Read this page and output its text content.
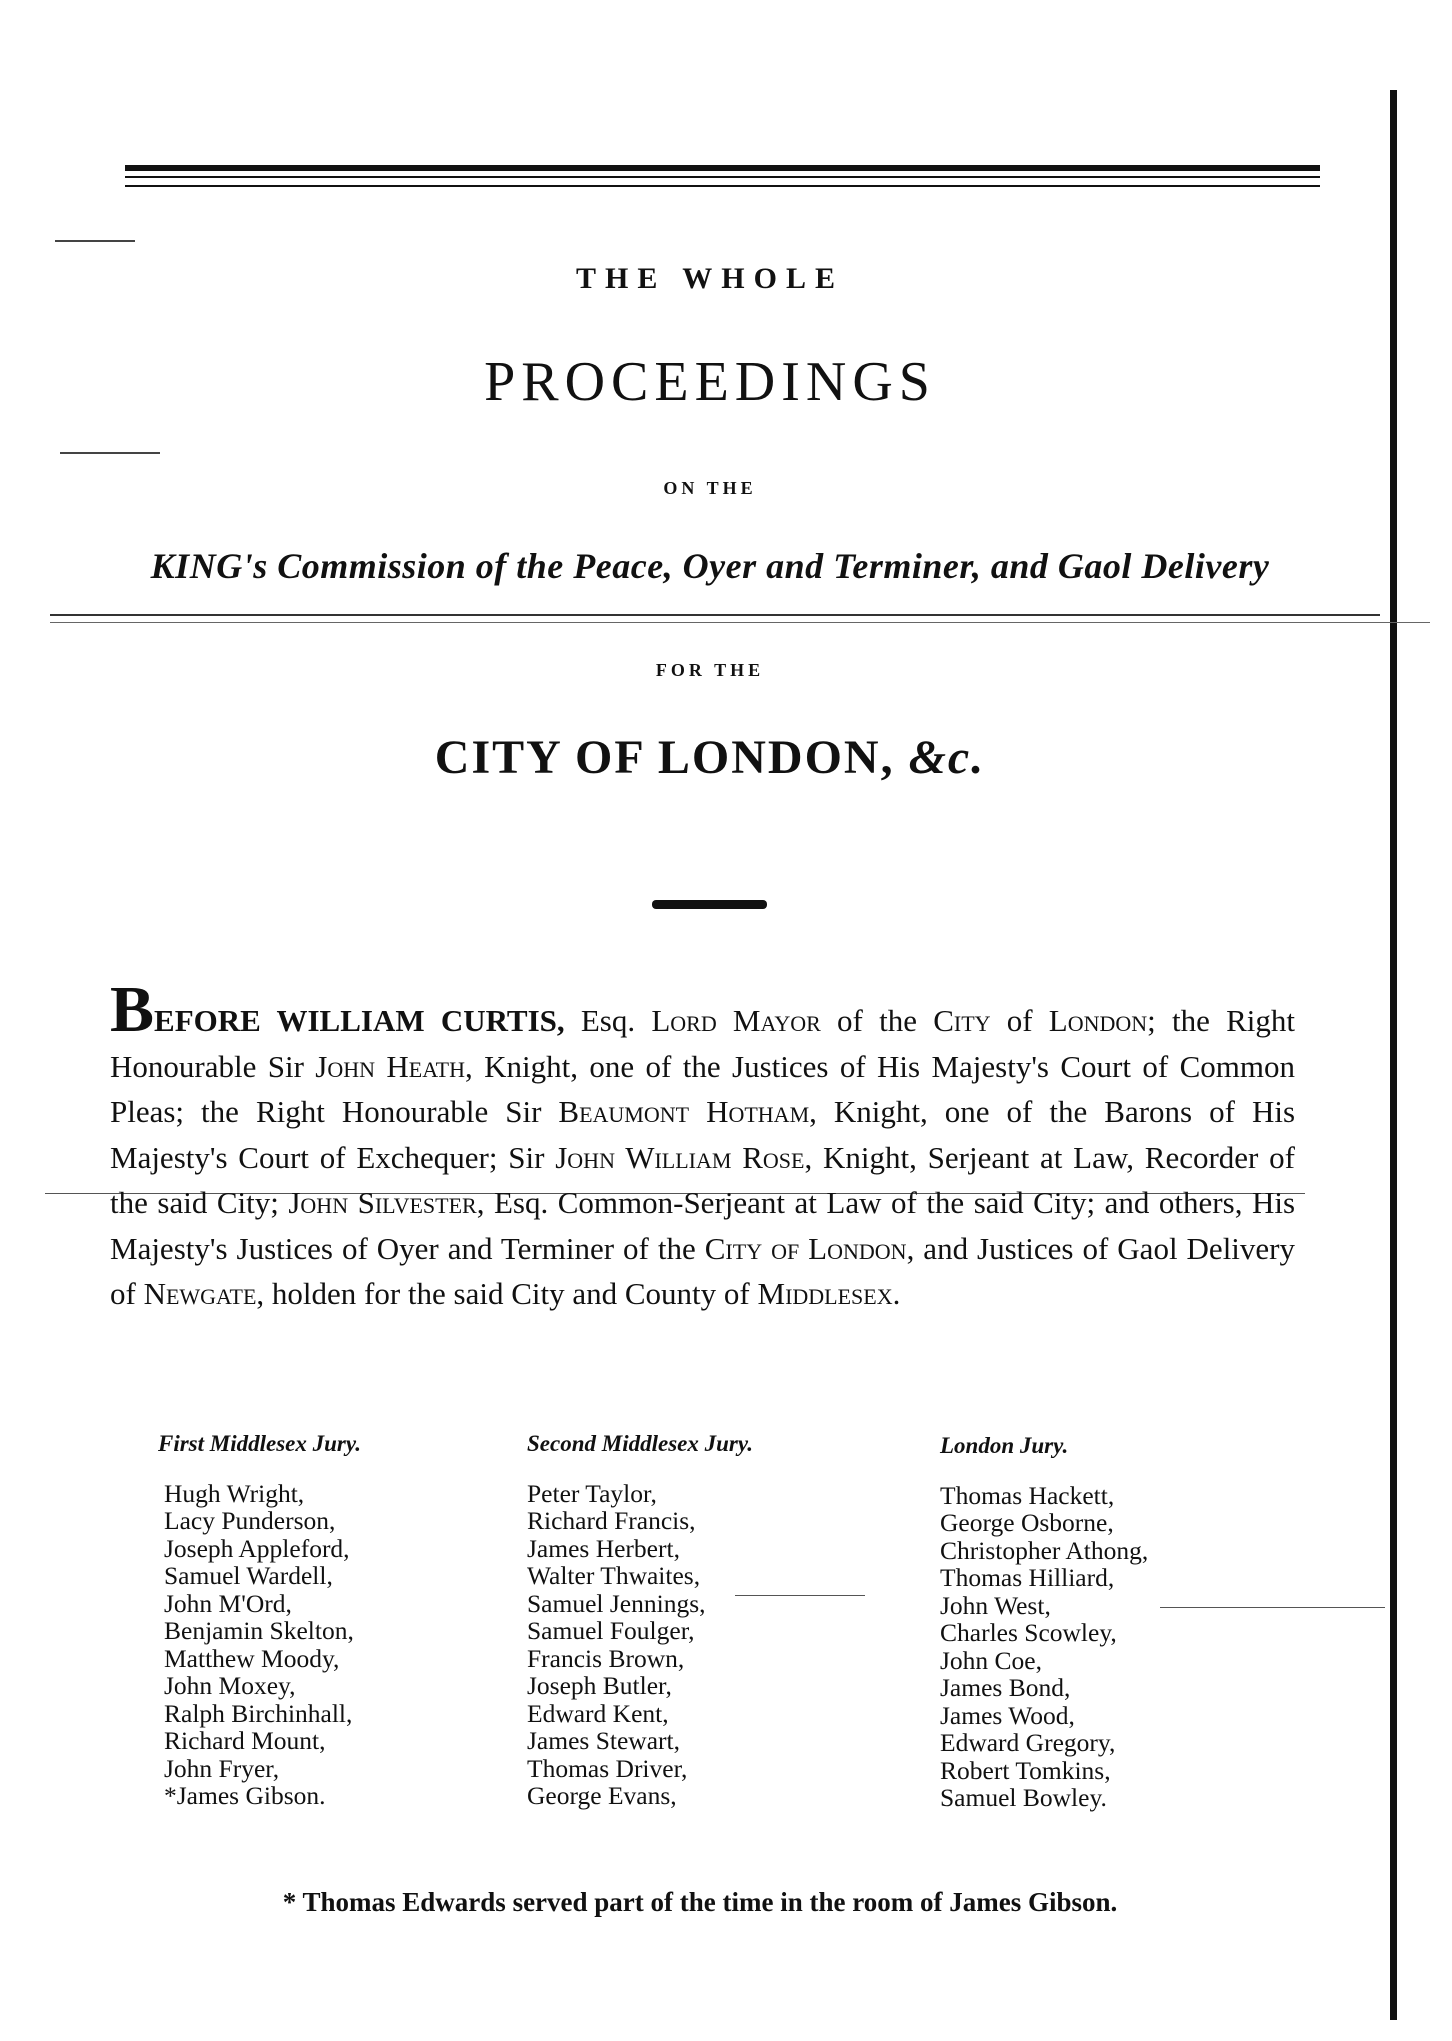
THE WHOLE
PROCEEDINGS
ON THE
KING's Commission of the Peace, Oyer and Terminer, and Gaol Delivery
FOR THE
CITY OF LONDON, &c.
BEFORE WILLIAM CURTIS, Esq. Lord Mayor of the City of London; the Right Honourable Sir John Heath, Knight, one of the Justices of His Majesty's Court of Common Pleas; the Right Honourable Sir Beaumont Hotham, Knight, one of the Barons of His Majesty's Court of Exchequer; Sir John William Rose, Knight, Serjeant at Law, Recorder of the said City; John Silvester, Esq. Common-Serjeant at Law of the said City; and others, His Majesty's Justices of Oyer and Terminer of the City of London, and Justices of Gaol Delivery of Newgate, holden for the said City and County of Middlesex.
First Middlesex Jury.
Hugh Wright,
Lacy Punderson,
Joseph Appleford,
Samuel Wardell,
John M'Ord,
Benjamin Skelton,
Matthew Moody,
John Moxey,
Ralph Birchinhall,
Richard Mount,
John Fryer,
*James Gibson.
Second Middlesex Jury.
Peter Taylor,
Richard Francis,
James Herbert,
Walter Thwaites,
Samuel Jennings,
Samuel Foulger,
Francis Brown,
Joseph Butler,
Edward Kent,
James Stewart,
Thomas Driver,
George Evans,
London Jury.
Thomas Hackett,
George Osborne,
Christopher Athong,
Thomas Hilliard,
John West,
Charles Scowley,
John Coe,
James Bond,
James Wood,
Edward Gregory,
Robert Tomkins,
Samuel Bowley.
* Thomas Edwards served part of the time in the room of James Gibson.
